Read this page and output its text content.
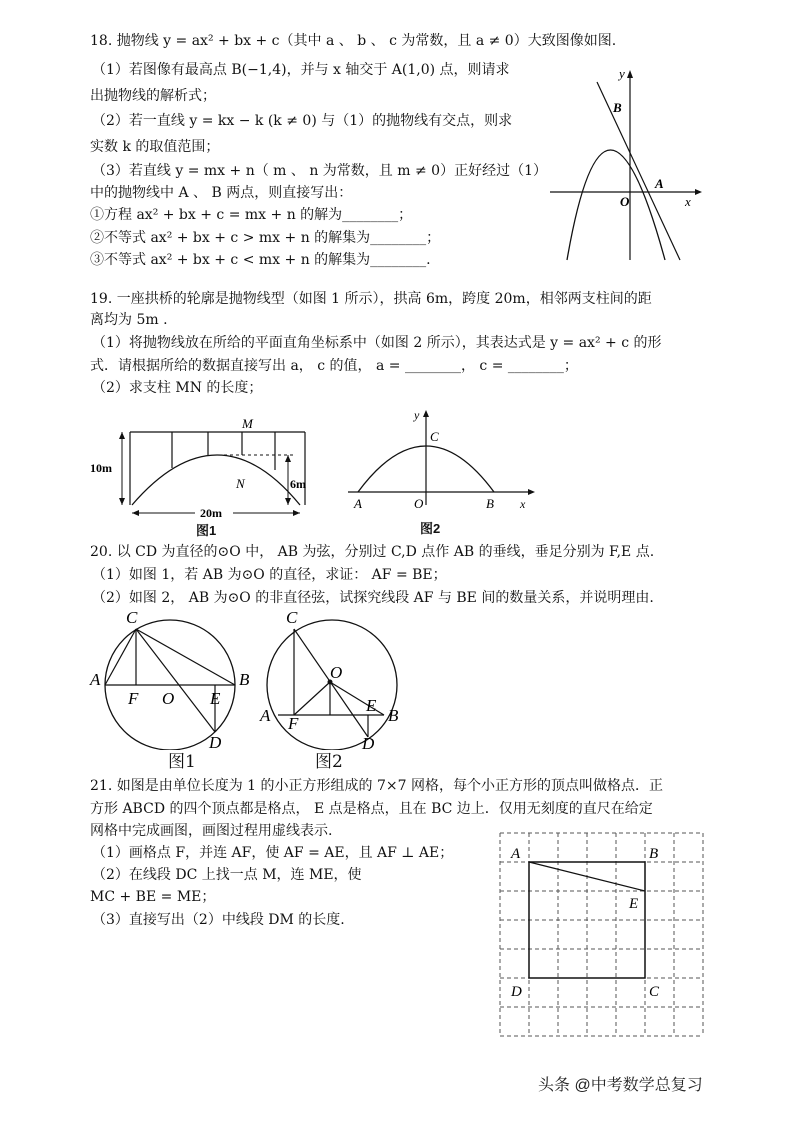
18. 抛物线 y = ax² + bx + c（其中 a 、 b 、 c 为常数，且 a ≠ 0）大致图像如图.
（1）若图像有最高点 B(−1,4)，并与 x 轴交于 A(1,0) 点，则请求
出抛物线的解析式；
（2）若一直线 y = kx − k (k ≠ 0) 与（1）的抛物线有交点，则求
实数 k 的取值范围；
（3）若直线 y = mx + n（ m 、 n 为常数，且 m ≠ 0）正好经过（1）
中的抛物线中 A 、 B 两点，则直接写出：
①方程 ax² + bx + c = mx + n 的解为________；
②不等式 ax² + bx + c > mx + n 的解集为________；
③不等式 ax² + bx + c < mx + n 的解集为________.
y
B
A
O	x
19. 一座拱桥的轮廓是抛物线型（如图 1 所示），拱高 6m，跨度 20m，相邻两支柱间的距
离均为 5m .
（1）将抛物线放在所给的平面直角坐标系中（如图 2 所示），其表达式是 y = ax² + c 的形
式．请根据所给的数据直接写出 a， c 的值， a = ________， c = ________；
（2）求支柱 MN 的长度；
M
N
10m
6m
20m
图1
y
C
A	O	B x
图2
20. 以 CD 为直径的⊙O 中， AB 为弦，分别过 C,D 点作 AB 的垂线，垂足分别为 F,E 点.
（1）如图 1，若 AB 为⊙O 的直径，求证： AF = BE；
（2）如图 2， AB 为⊙O 的非直径弦，试探究线段 AF 与 BE 间的数量关系，并说明理由.
C
A
F O E
B
D
图1
C
O
A F
E
B
D
图2
21. 如图是由单位长度为 1 的小正方形组成的 7×7 网格，每个小正方形的顶点叫做格点．正
方形 ABCD 的四个顶点都是格点， E 点是格点，且在 BC 边上．仅用无刻度的直尺在给定
网格中完成画图，画图过程用虚线表示.
（1）画格点 F，并连 AF，使 AF = AE，且 AF ⊥ AE；
（2）在线段 DC 上找一点 M，连 ME，使
MC + BE = ME；
（3）直接写出（2）中线段 DM 的长度.
A	B
E
D	C
头条 @中考数学总复习
